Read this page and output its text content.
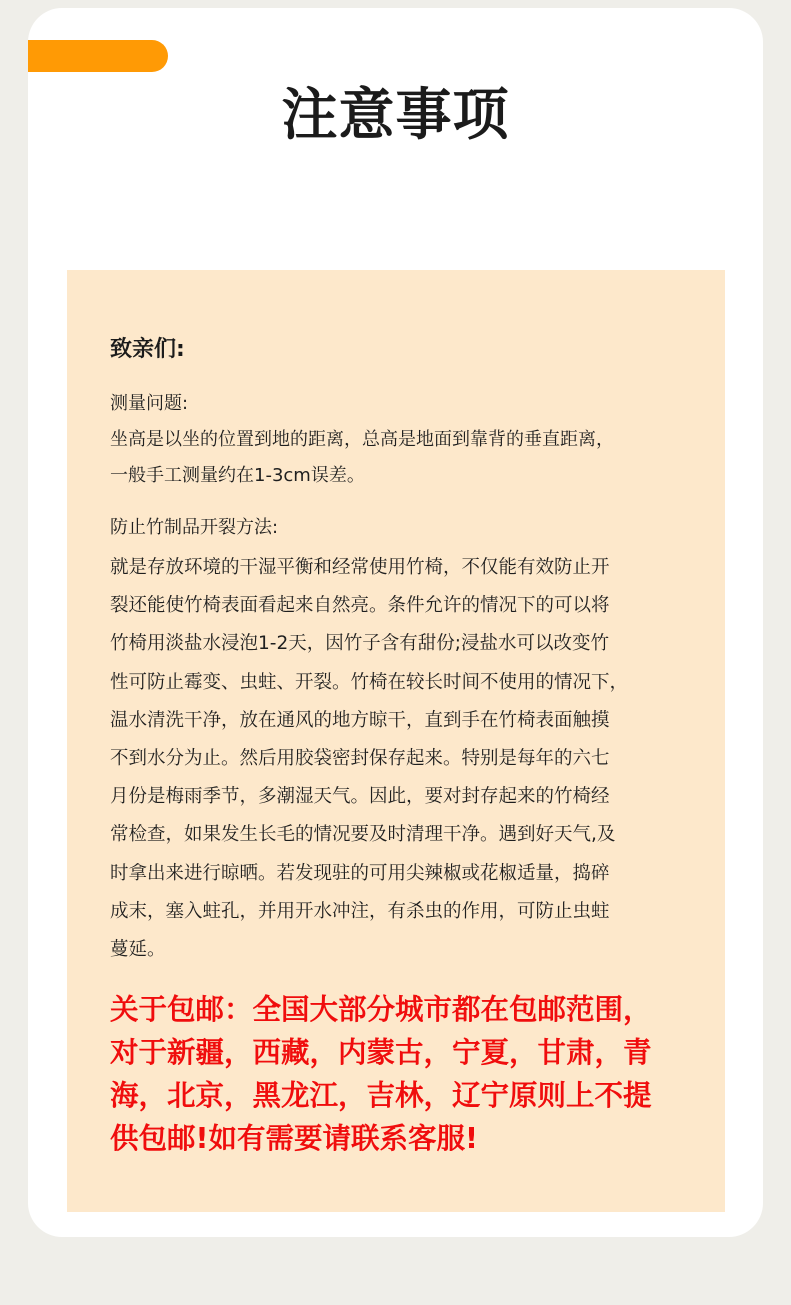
注意事项
致亲们:
测量问题:
坐高是以坐的位置到地的距离，总高是地面到靠背的垂直距离，
一般手工测量约在1-3cm误差。
防止竹制品开裂方法:
就是存放环境的干湿平衡和经常使用竹椅，不仅能有效防止开
裂还能使竹椅表面看起来自然亮。条件允许的情况下的可以将
竹椅用淡盐水浸泡1-2天，因竹子含有甜份;浸盐水可以改变竹
性可防止霉变、虫蛀、开裂。竹椅在较长时间不使用的情况下，
温水清洗干净，放在通风的地方晾干，直到手在竹椅表面触摸
不到水分为止。然后用胶袋密封保存起来。特别是每年的六七
月份是梅雨季节，多潮湿天气。因此，要对封存起来的竹椅经
常检查，如果发生长毛的情况要及时清理干净。遇到好天气,及
时拿出来进行晾晒。若发现驻的可用尖辣椒或花椒适量，捣碎
成末，塞入蛀孔，并用开水冲注，有杀虫的作用，可防止虫蛀
蔓延。
关于包邮：全国大部分城市都在包邮范围，
对于新疆，西藏，内蒙古，宁夏，甘肃，青
海，北京，黑龙江，吉林，辽宁原则上不提
供包邮!如有需要请联系客服!
